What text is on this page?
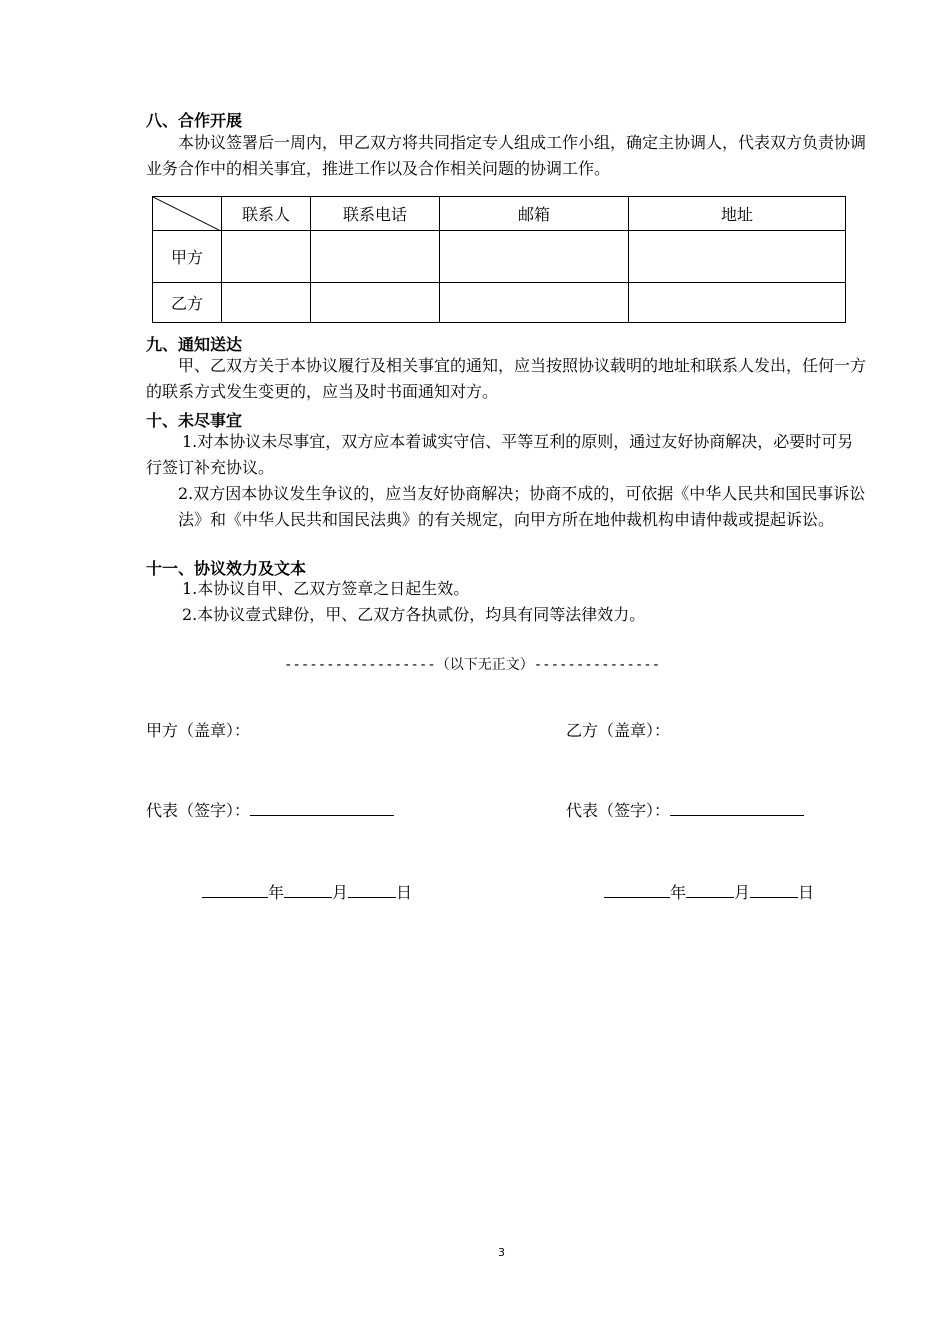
八、合作开展
本协议签署后一周内，甲乙双方将共同指定专人组成工作小组，确定主协调人，代表双方负责协调业务合作中的相关事宜，推进工作以及合作相关问题的协调工作。
	联系人	联系电话	邮箱	地址
甲方				
乙方				
九、通知送达
甲、乙双方关于本协议履行及相关事宜的通知，应当按照协议载明的地址和联系人发出，任何一方的联系方式发生变更的，应当及时书面通知对方。
十、未尽事宜
1.对本协议未尽事宜，双方应本着诚实守信、平等互利的原则，通过友好协商解决，必要时可另行签订补充协议。
2.双方因本协议发生争议的，应当友好协商解决；协商不成的，可依据《中华人民共和国民事诉讼法》和《中华人民共和国民法典》的有关规定，向甲方所在地仲裁机构申请仲裁或提起诉讼。
十一、协议效力及文本
1.本协议自甲、乙双方签章之日起生效。
2.本协议壹式肆份，甲、乙双方各执贰份，均具有同等法律效力。
------------------（以下无正文）---------------
甲方（盖章）：	乙方（盖章）：
代表（签字）：	代表（签字）：
年	月	日	年	月	日
3
